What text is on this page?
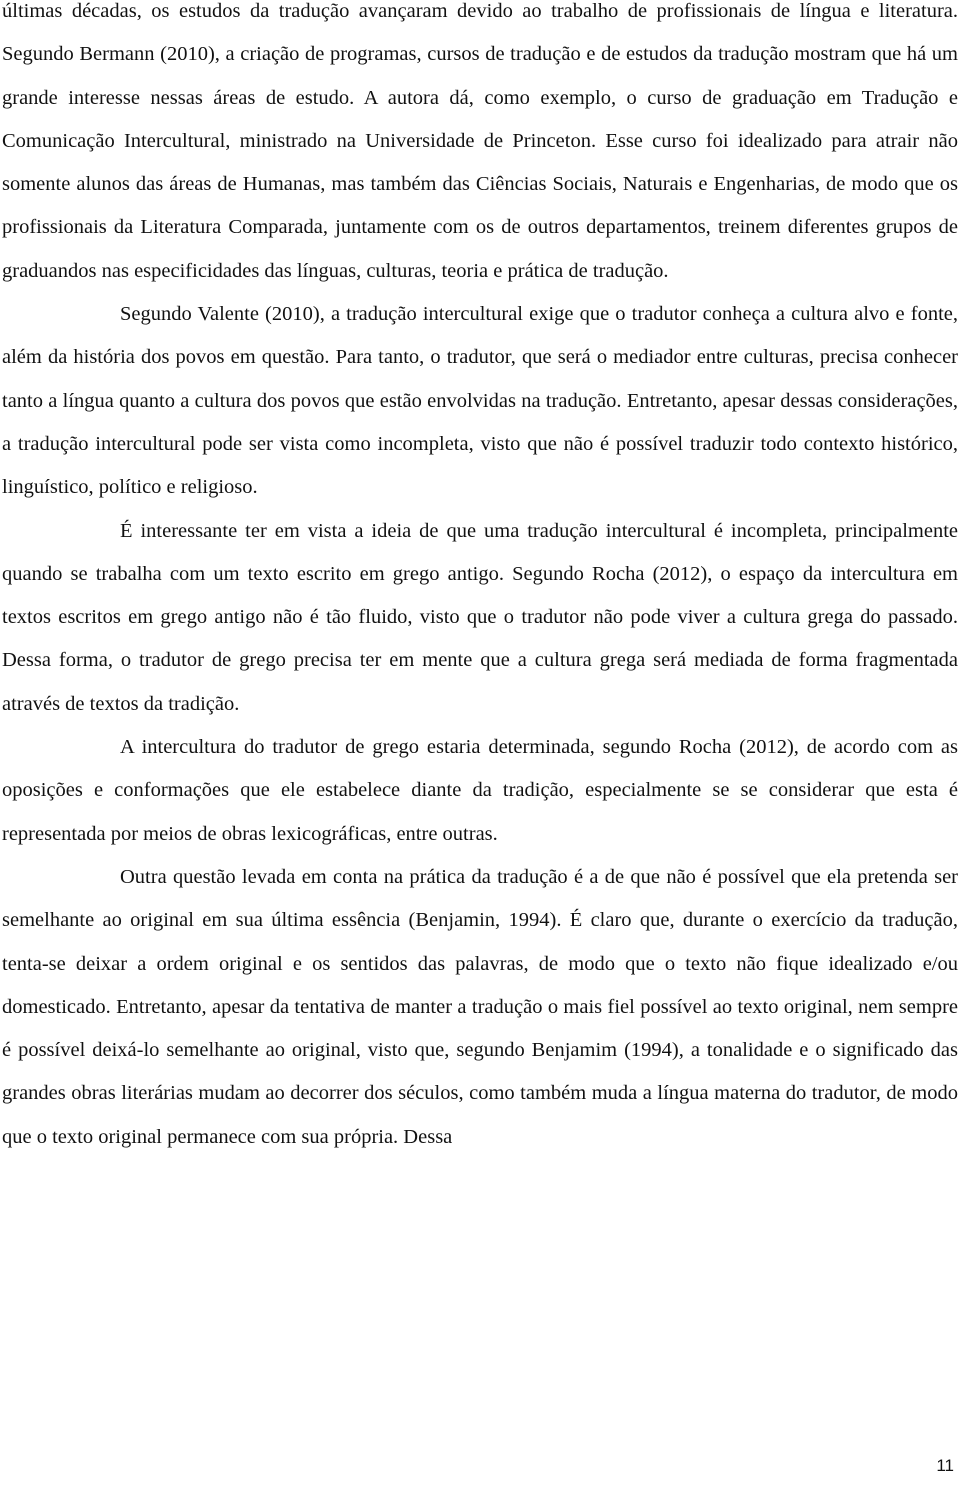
últimas décadas, os estudos da tradução avançaram devido ao trabalho de profissionais de língua e literatura. Segundo Bermann (2010), a criação de programas, cursos de tradução e de estudos da tradução mostram que há um grande interesse nessas áreas de estudo. A autora dá, como exemplo, o curso de graduação em Tradução e Comunicação Intercultural, ministrado na Universidade de Princeton. Esse curso foi idealizado para atrair não somente alunos das áreas de Humanas, mas também das Ciências Sociais, Naturais e Engenharias, de modo que os profissionais da Literatura Comparada, juntamente com os de outros departamentos, treinem diferentes grupos de graduandos nas especificidades das línguas, culturas, teoria e prática de tradução.

Segundo Valente (2010), a tradução intercultural exige que o tradutor conheça a cultura alvo e fonte, além da história dos povos em questão. Para tanto, o tradutor, que será o mediador entre culturas, precisa conhecer tanto a língua quanto a cultura dos povos que estão envolvidas na tradução. Entretanto, apesar dessas considerações, a tradução intercultural pode ser vista como incompleta, visto que não é possível traduzir todo contexto histórico, linguístico, político e religioso.

É interessante ter em vista a ideia de que uma tradução intercultural é incompleta, principalmente quando se trabalha com um texto escrito em grego antigo. Segundo Rocha (2012), o espaço da intercultura em textos escritos em grego antigo não é tão fluido, visto que o tradutor não pode viver a cultura grega do passado. Dessa forma, o tradutor de grego precisa ter em mente que a cultura grega será mediada de forma fragmentada através de textos da tradição.

A intercultura do tradutor de grego estaria determinada, segundo Rocha (2012), de acordo com as oposições e conformações que ele estabelece diante da tradição, especialmente se se considerar que esta é representada por meios de obras lexicográficas, entre outras.

Outra questão levada em conta na prática da tradução é a de que não é possível que ela pretenda ser semelhante ao original em sua última essência (Benjamin, 1994). É claro que, durante o exercício da tradução, tenta-se deixar a ordem original e os sentidos das palavras, de modo que o texto não fique idealizado e/ou domesticado. Entretanto, apesar da tentativa de manter a tradução o mais fiel possível ao texto original, nem sempre é possível deixá-lo semelhante ao original, visto que, segundo Benjamim (1994), a tonalidade e o significado das grandes obras literárias mudam ao decorrer dos séculos, como também muda a língua materna do tradutor, de modo que o texto original permanece com sua própria. Dessa

11
